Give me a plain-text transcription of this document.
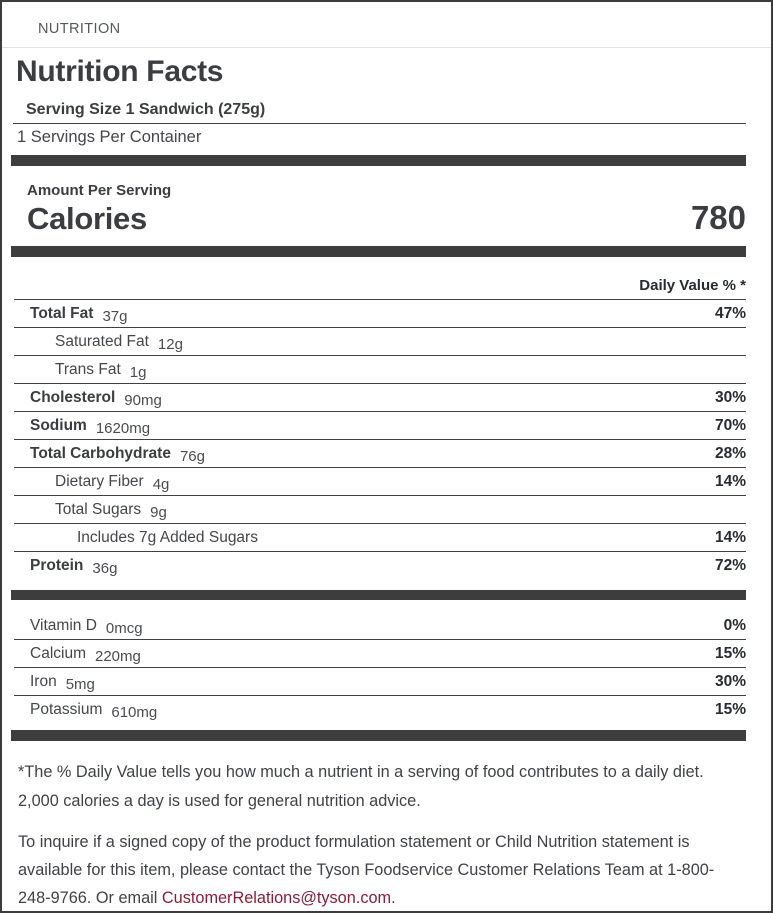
NUTRITION
Nutrition Facts
Serving Size 1 Sandwich (275g)
1 Servings Per Container
Amount Per Serving
Calories	780
Daily Value % *
Total Fat 37g	47%
Saturated Fat 12g
Trans Fat 1g
Cholesterol 90mg	30%
Sodium 1620mg	70%
Total Carbohydrate 76g	28%
Dietary Fiber 4g	14%
Total Sugars 9g
Includes 7g Added Sugars	14%
Protein 36g	72%
Vitamin D 0mcg	0%
Calcium 220mg	15%
Iron 5mg	30%
Potassium 610mg	15%

*The % Daily Value tells you how much a nutrient in a serving of food contributes to a daily diet. 2,000 calories a day is used for general nutrition advice.

To inquire if a signed copy of the product formulation statement or Child Nutrition statement is available for this item, please contact the Tyson Foodservice Customer Relations Team at 1-800-248-9766. Or email CustomerRelations@tyson.com.
